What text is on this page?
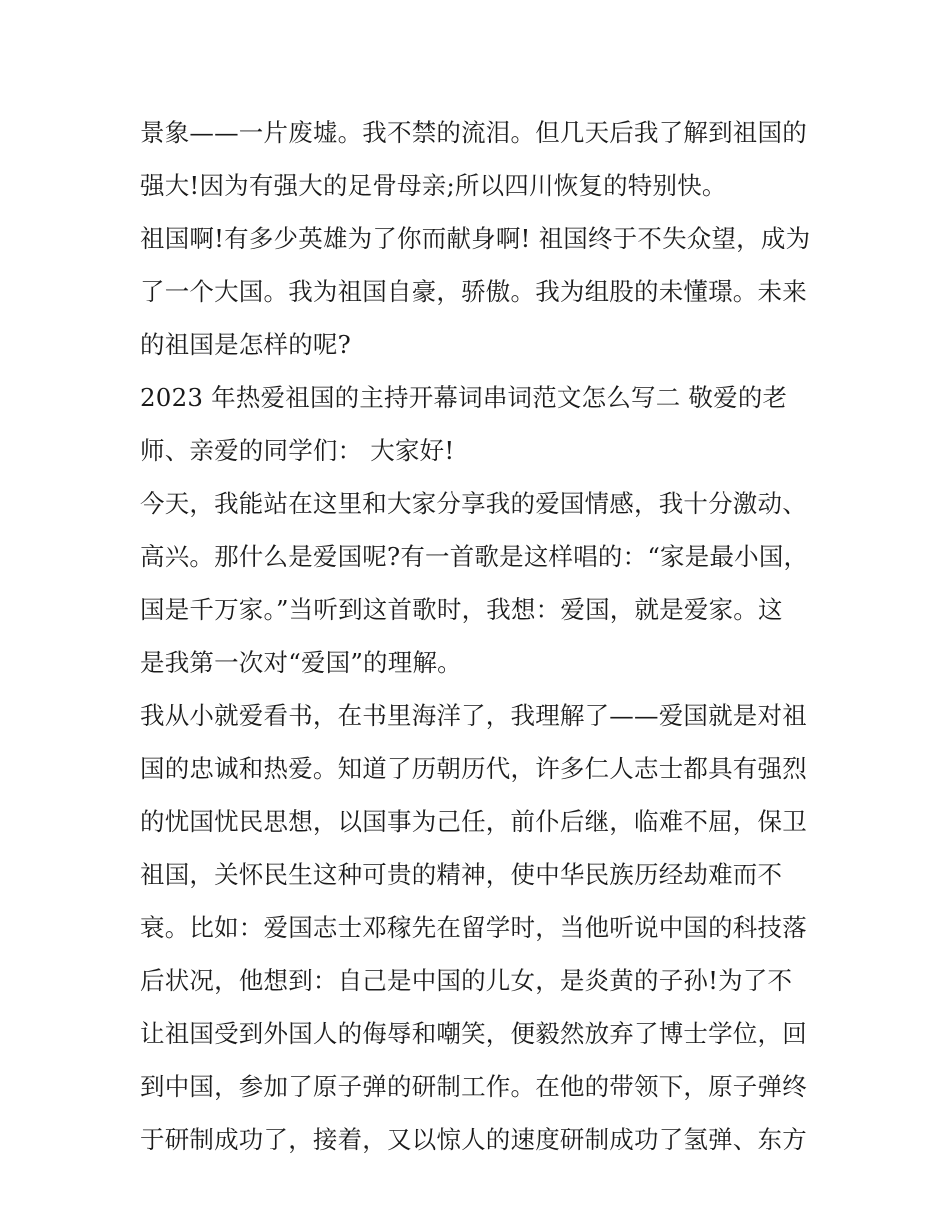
景象——一片废墟。我不禁的流泪。但几天后我了解到祖国的
强大!因为有强大的足骨母亲;所以四川恢复的特别快。
祖国啊!有多少英雄为了你而献身啊! 祖国终于不失众望，成为
了一个大国。我为祖国自豪，骄傲。我为组股的未懂璟。未来
的祖国是怎样的呢?
2023 年热爱祖国的主持开幕词串词范文怎么写二 敬爱的老
师、亲爱的同学们： 大家好!
今天，我能站在这里和大家分享我的爱国情感，我十分激动、
高兴。那什么是爱国呢?有一首歌是这样唱的：“家是最小国，
国是千万家。”当听到这首歌时，我想：爱国，就是爱家。这
是我第一次对“爱国”的理解。
我从小就爱看书，在书里海洋了，我理解了——爱国就是对祖
国的忠诚和热爱。知道了历朝历代，许多仁人志士都具有强烈
的忧国忧民思想，以国事为己任，前仆后继，临难不屈，保卫
祖国，关怀民生这种可贵的精神，使中华民族历经劫难而不
衰。比如：爱国志士邓稼先在留学时，当他听说中国的科技落
后状况，他想到：自己是中国的儿女，是炎黄的子孙!为了不
让祖国受到外国人的侮辱和嘲笑，便毅然放弃了博士学位，回
到中国，参加了原子弹的研制工作。在他的带领下，原子弹终
于研制成功了，接着，又以惊人的速度研制成功了氢弹、东方
